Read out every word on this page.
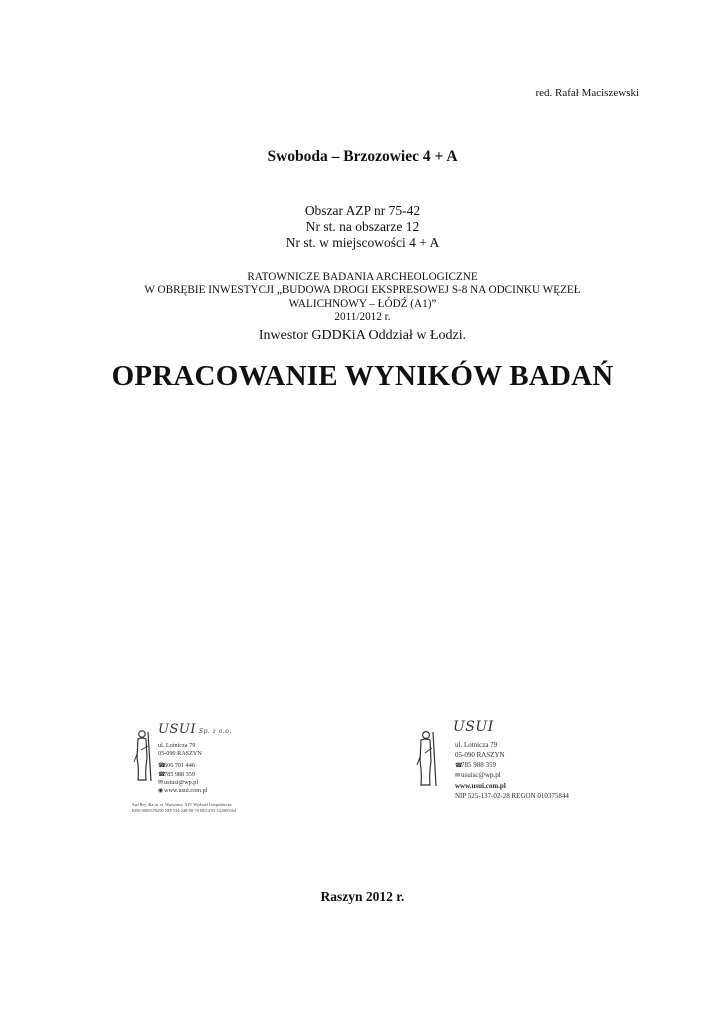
red. Rafał Maciszewski
Swoboda – Brzozowiec 4 + A
Obszar AZP nr 75-42
Nr st. na obszarze 12
Nr st. w miejscowości 4 + A
RATOWNICZE BADANIA ARCHEOLOGICZNE
W OBRĘBIE INWESTYCJI „BUDOWA DROGI EKSPRESOWEJ S-8 NA ODCINKU WĘZEŁ
WALICHNOWY – ŁÓDŹ (A1)”
2011/2012 r.
Inwestor GDDKiA Oddział w Łodzi.
OPRACOWANIE WYNIKÓW BADAŃ
USUI Sp. z o.o.
ul. Lotnicza 79
05-090 RASZYN
☎606 701 446
☎785 988 359
✉usiusi@wp.pl
◉www.usui.com.pl
Sąd Rej. dla m. st. Warszawy XIV Wydział Gospodarczy
KRS 0000370250 NIP 534-248-08-70 REGON 142800364
USUI
ul. Lotnicza 79
05-090 RASZYN
☎785 988 359
✉usuisc@wp.pl
www.usui.com.pl
NIP 525-137-02-28 REGON 010375844
Raszyn 2012 r.
